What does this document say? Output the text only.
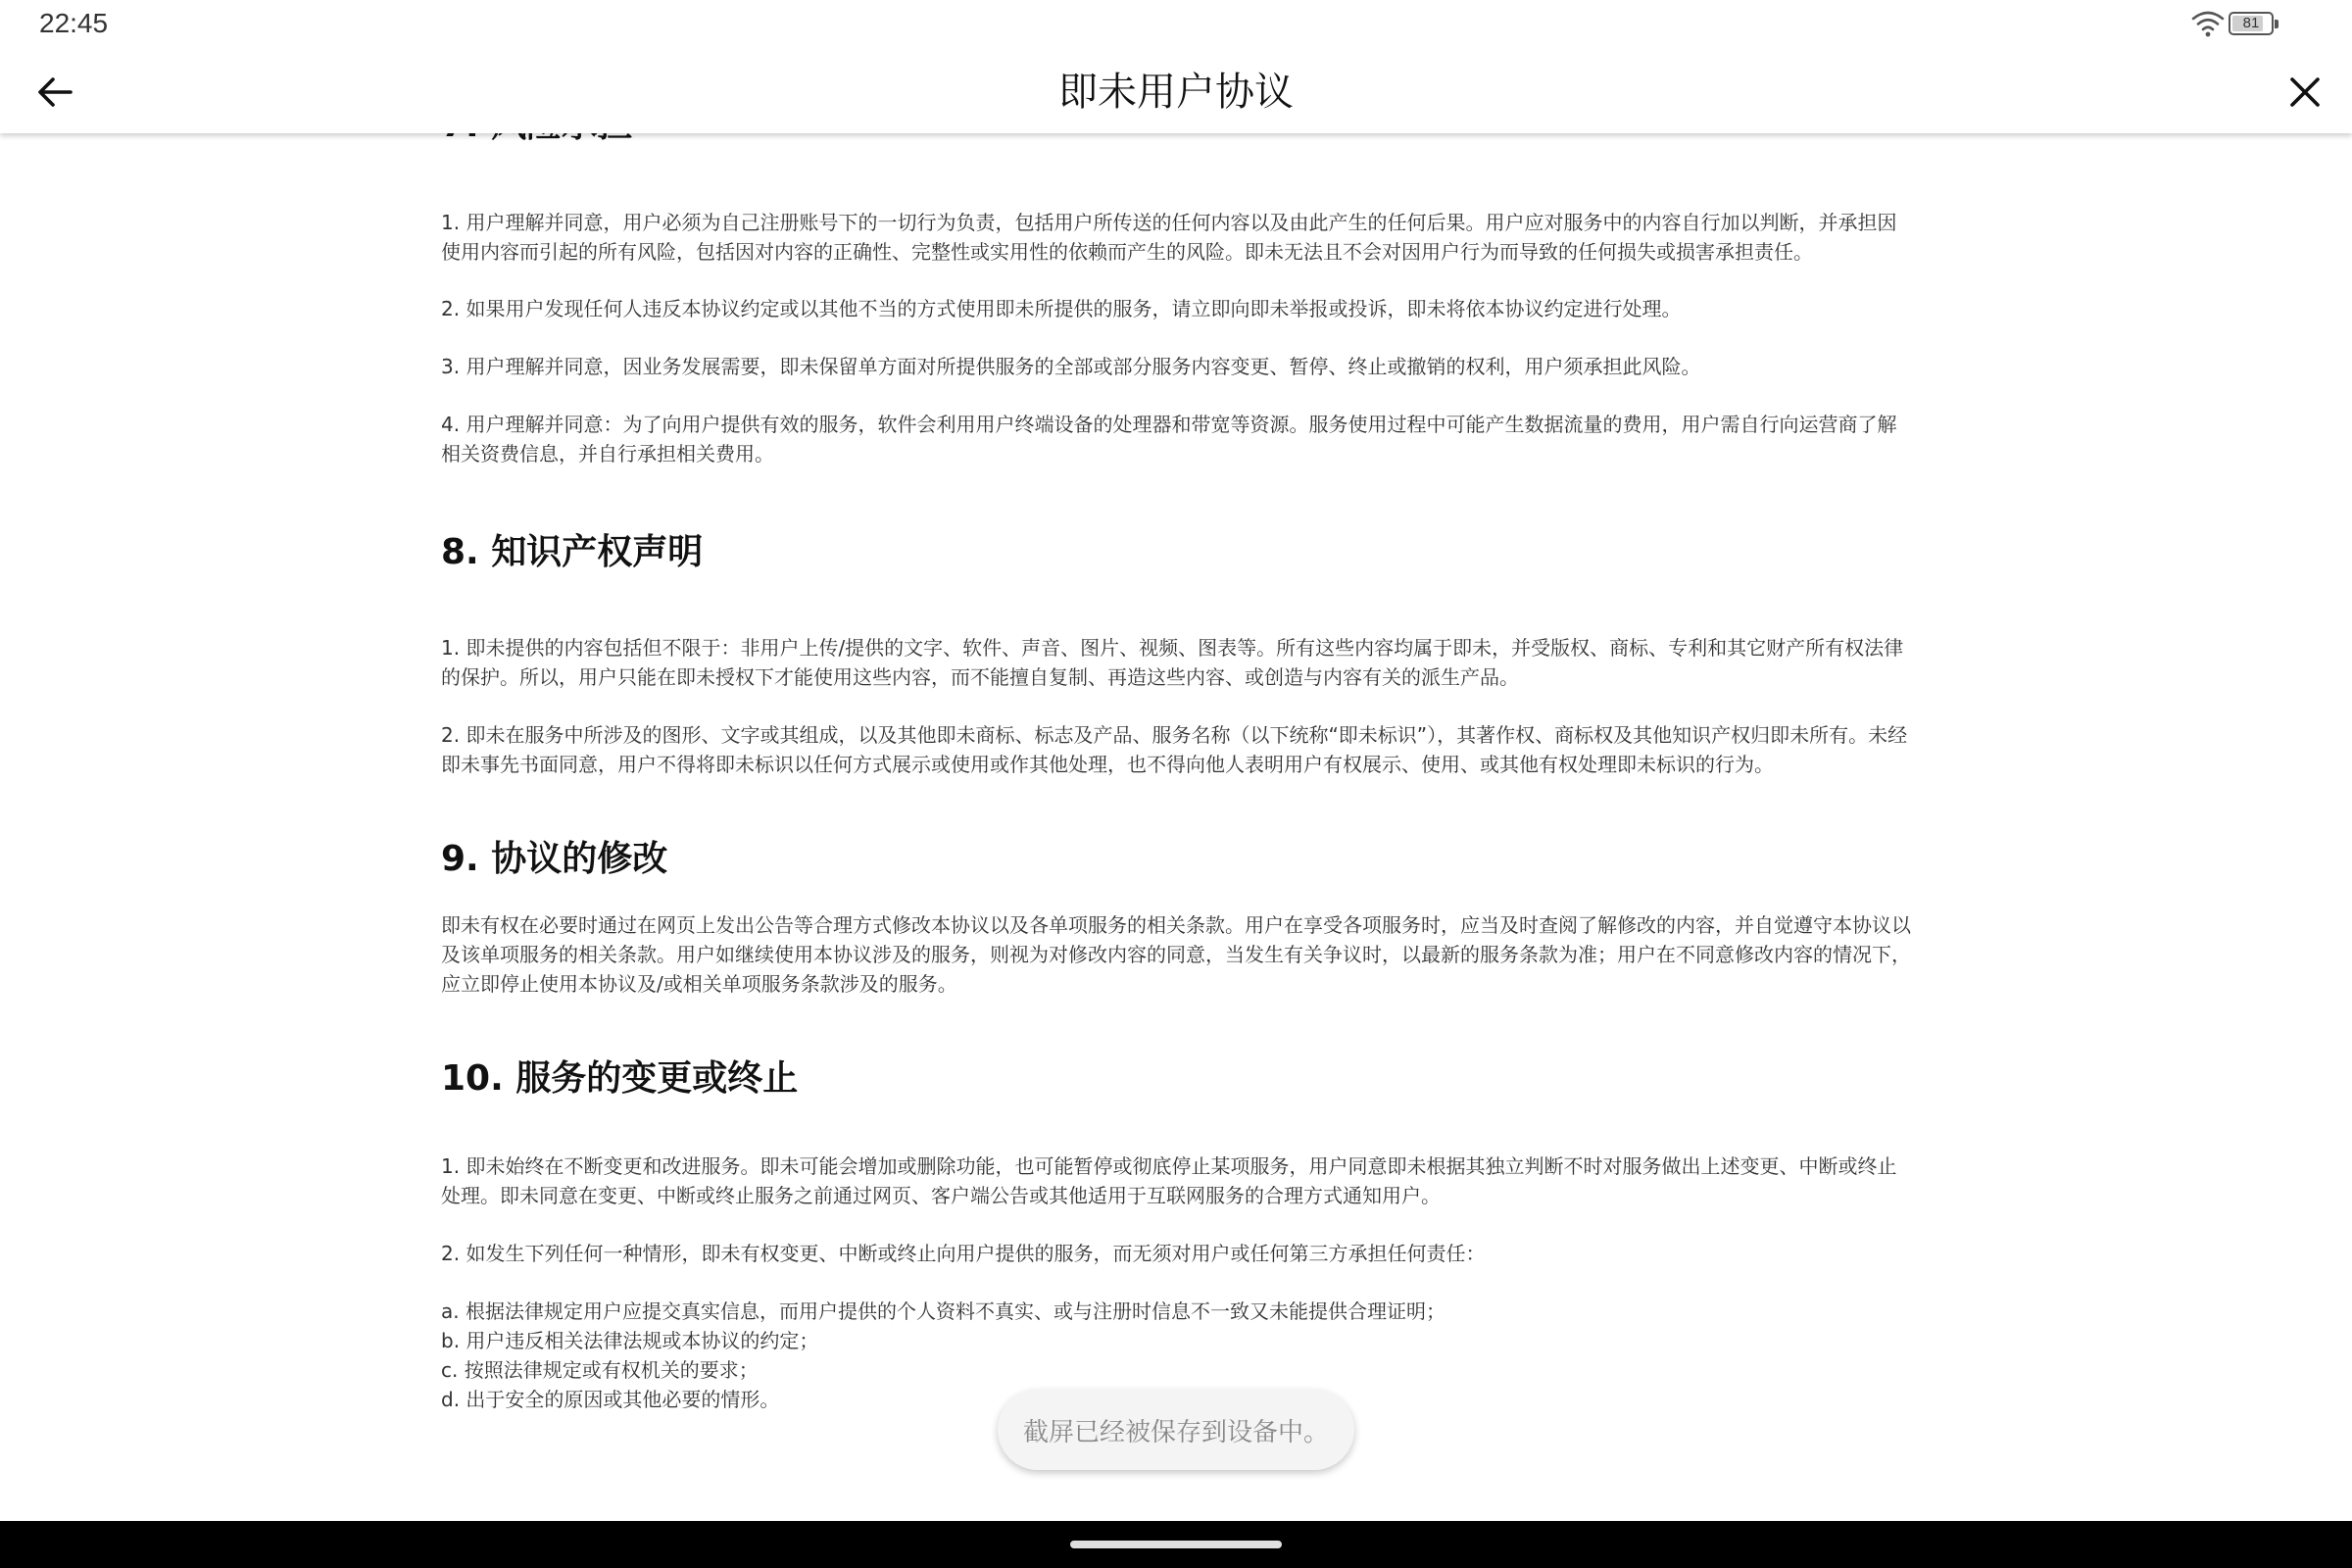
22:45	81
即未用户协议

1. 用户理解并同意，用户必须为自己注册账号下的一切行为负责，包括用户所传送的任何内容以及由此产生的任何后果。用户应对服务中的内容自行加以判断，并承担因使用内容而引起的所有风险，包括因对内容的正确性、完整性或实用性的依赖而产生的风险。即未无法且不会对因用户行为而导致的任何损失或损害承担责任。

2. 如果用户发现任何人违反本协议约定或以其他不当的方式使用即未所提供的服务，请立即向即未举报或投诉，即未将依本协议约定进行处理。

3. 用户理解并同意，因业务发展需要，即未保留单方面对所提供服务的全部或部分服务内容变更、暂停、终止或撤销的权利，用户须承担此风险。

4. 用户理解并同意：为了向用户提供有效的服务，软件会利用用户终端设备的处理器和带宽等资源。服务使用过程中可能产生数据流量的费用，用户需自行向运营商了解相关资费信息，并自行承担相关费用。

8. 知识产权声明

1. 即未提供的内容包括但不限于：非用户上传/提供的文字、软件、声音、图片、视频、图表等。所有这些内容均属于即未，并受版权、商标、专利和其它财产所有权法律的保护。所以，用户只能在即未授权下才能使用这些内容，而不能擅自复制、再造这些内容、或创造与内容有关的派生产品。

2. 即未在服务中所涉及的图形、文字或其组成，以及其他即未商标、标志及产品、服务名称（以下统称“即未标识”），其著作权、商标权及其他知识产权归即未所有。未经即未事先书面同意，用户不得将即未标识以任何方式展示或使用或作其他处理，也不得向他人表明用户有权展示、使用、或其他有权处理即未标识的行为。

9. 协议的修改

即未有权在必要时通过在网页上发出公告等合理方式修改本协议以及各单项服务的相关条款。用户在享受各项服务时，应当及时查阅了解修改的内容，并自觉遵守本协议以及该单项服务的相关条款。用户如继续使用本协议涉及的服务，则视为对修改内容的同意，当发生有关争议时，以最新的服务条款为准；用户在不同意修改内容的情况下，应立即停止使用本协议及/或相关单项服务条款涉及的服务。

10. 服务的变更或终止

1. 即未始终在不断变更和改进服务。即未可能会增加或删除功能，也可能暂停或彻底停止某项服务，用户同意即未根据其独立判断不时对服务做出上述变更、中断或终止处理。即未同意在变更、中断或终止服务之前通过网页、客户端公告或其他适用于互联网服务的合理方式通知用户。

2. 如发生下列任何一种情形，即未有权变更、中断或终止向用户提供的服务，而无须对用户或任何第三方承担任何责任：

a. 根据法律规定用户应提交真实信息，而用户提供的个人资料不真实、或与注册时信息不一致又未能提供合理证明；
b. 用户违反相关法律法规或本协议的约定；
c. 按照法律规定或有权机关的要求；
d. 出于安全的原因或其他必要的情形。
截屏已经被保存到设备中。
